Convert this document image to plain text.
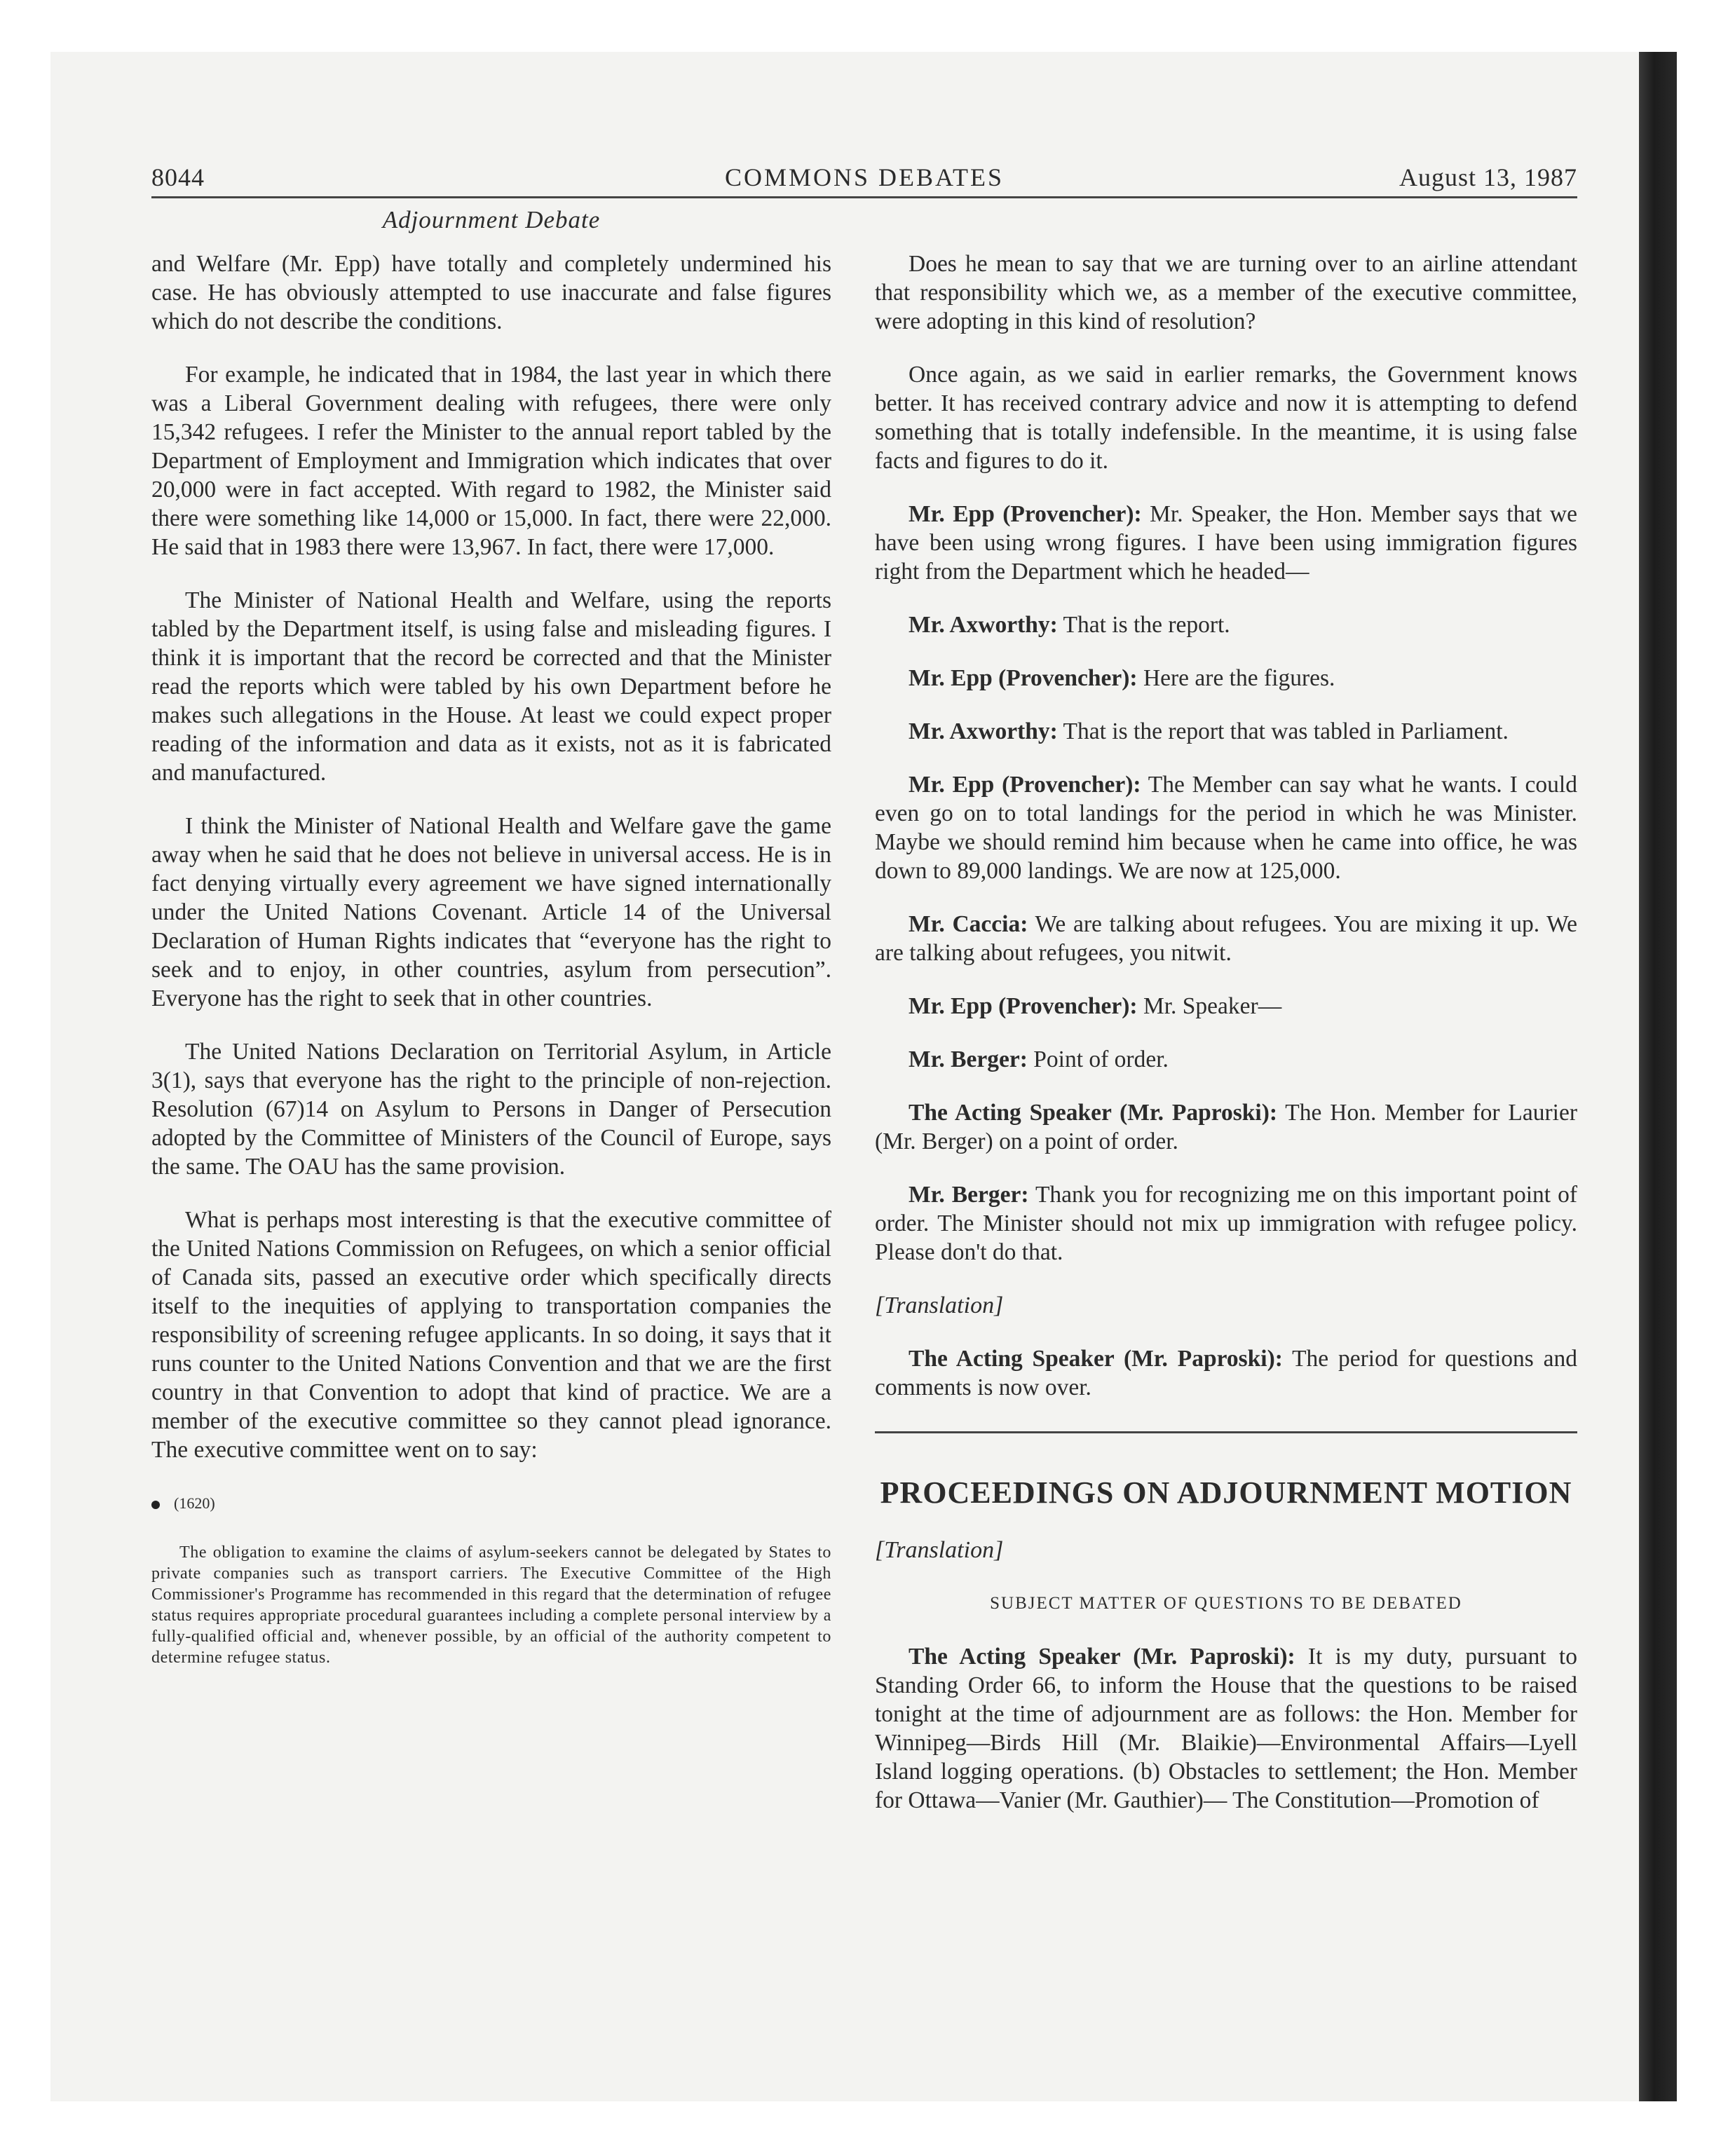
8044	COMMONS DEBATES	August 13, 1987
Adjournment Debate

and Welfare (Mr. Epp) have totally and completely undermined his case. He has obviously attempted to use inaccurate and false figures which do not describe the conditions.

For example, he indicated that in 1984, the last year in which there was a Liberal Government dealing with refugees, there were only 15,342 refugees. I refer the Minister to the annual report tabled by the Department of Employment and Immigration which indicates that over 20,000 were in fact accepted. With regard to 1982, the Minister said there were something like 14,000 or 15,000. In fact, there were 22,000. He said that in 1983 there were 13,967. In fact, there were 17,000.

The Minister of National Health and Welfare, using the reports tabled by the Department itself, is using false and misleading figures. I think it is important that the record be corrected and that the Minister read the reports which were tabled by his own Department before he makes such allegations in the House. At least we could expect proper reading of the information and data as it exists, not as it is fabricated and manufactured.

I think the Minister of National Health and Welfare gave the game away when he said that he does not believe in universal access. He is in fact denying virtually every agreement we have signed internationally under the United Nations Covenant. Article 14 of the Universal Declaration of Human Rights indicates that “everyone has the right to seek and to enjoy, in other countries, asylum from persecution”. Everyone has the right to seek that in other countries.

The United Nations Declaration on Territorial Asylum, in Article 3(1), says that everyone has the right to the principle of non-rejection. Resolution (67)14 on Asylum to Persons in Danger of Persecution adopted by the Committee of Ministers of the Council of Europe, says the same. The OAU has the same provision.

What is perhaps most interesting is that the executive committee of the United Nations Commission on Refugees, on which a senior official of Canada sits, passed an executive order which specifically directs itself to the inequities of applying to transportation companies the responsibility of screening refugee applicants. In so doing, it says that it runs counter to the United Nations Convention and that we are the first country in that Convention to adopt that kind of practice. We are a member of the executive committee so they cannot plead ignorance. The executive committee went on to say:

(1620)

The obligation to examine the claims of asylum-seekers cannot be delegated by States to private companies such as transport carriers. The Executive Committee of the High Commissioner's Programme has recommended in this regard that the determination of refugee status requires appropriate procedural guarantees including a complete personal interview by a fully-qualified official and, whenever possible, by an official of the authority competent to determine refugee status.

Does he mean to say that we are turning over to an airline attendant that responsibility which we, as a member of the executive committee, were adopting in this kind of resolution?

Once again, as we said in earlier remarks, the Government knows better. It has received contrary advice and now it is attempting to defend something that is totally indefensible. In the meantime, it is using false facts and figures to do it.

Mr. Epp (Provencher): Mr. Speaker, the Hon. Member says that we have been using wrong figures. I have been using immigration figures right from the Department which he headed—

Mr. Axworthy: That is the report.

Mr. Epp (Provencher): Here are the figures.

Mr. Axworthy: That is the report that was tabled in Parliament.

Mr. Epp (Provencher): The Member can say what he wants. I could even go on to total landings for the period in which he was Minister. Maybe we should remind him because when he came into office, he was down to 89,000 landings. We are now at 125,000.

Mr. Caccia: We are talking about refugees. You are mixing it up. We are talking about refugees, you nitwit.

Mr. Epp (Provencher): Mr. Speaker—

Mr. Berger: Point of order.

The Acting Speaker (Mr. Paproski): The Hon. Member for Laurier (Mr. Berger) on a point of order.

Mr. Berger: Thank you for recognizing me on this important point of order. The Minister should not mix up immigration with refugee policy. Please don't do that.

[Translation]

The Acting Speaker (Mr. Paproski): The period for questions and comments is now over.

PROCEEDINGS ON ADJOURNMENT MOTION

[Translation]

SUBJECT MATTER OF QUESTIONS TO BE DEBATED

The Acting Speaker (Mr. Paproski): It is my duty, pursuant to Standing Order 66, to inform the House that the questions to be raised tonight at the time of adjournment are as follows: the Hon. Member for Winnipeg—Birds Hill (Mr. Blaikie)—Environmental Affairs—Lyell Island logging operations. (b) Obstacles to settlement; the Hon. Member for Ottawa—Vanier (Mr. Gauthier)— The Constitution—Promotion of
